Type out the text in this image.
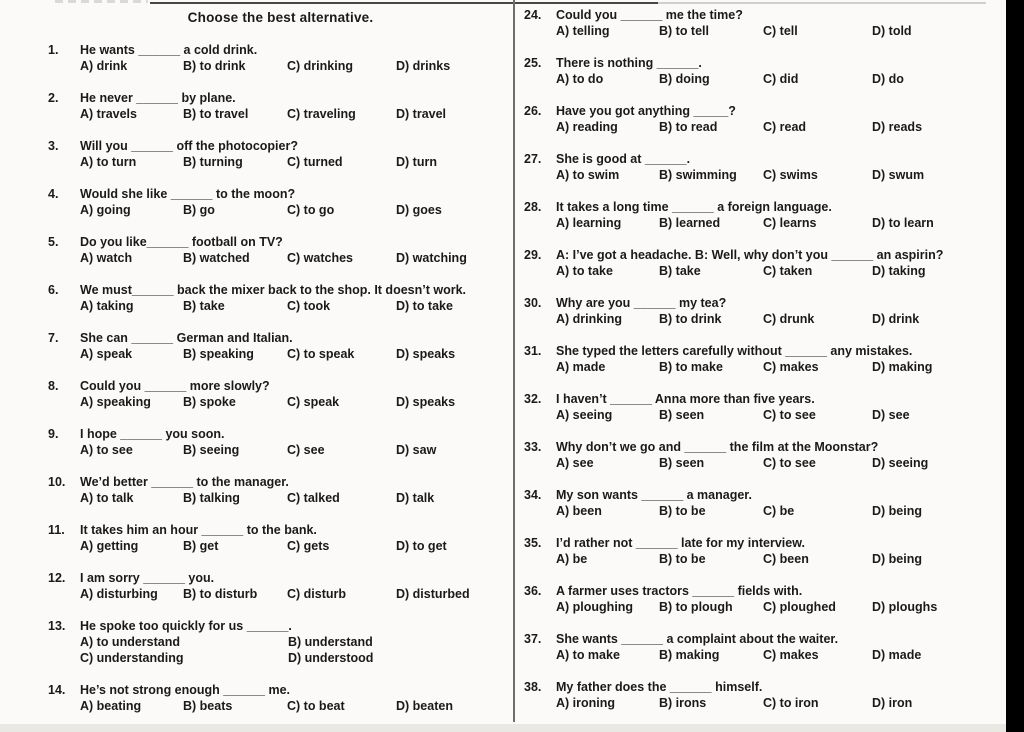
Choose the best alternative.
1.	He wants ______ a cold drink.
A) drink	B) to drink	C) drinking	D) drinks
2.	He never ______ by plane.
A) travels	B) to travel	C) traveling	D) travel
3.	Will you ______ off the photocopier?
A) to turn	B) turning	C) turned	D) turn
4.	Would she like ______ to the moon?
A) going	B) go	C) to go	D) goes
5.	Do you like______ football on TV?
A) watch	B) watched	C) watches	D) watching
6.	We must______ back the mixer back to the shop. It doesn’t work.
A) taking	B) take	C) took	D) to take
7.	She can ______ German and Italian.
A) speak	B) speaking	C) to speak	D) speaks
8.	Could you ______ more slowly?
A) speaking	B) spoke	C) speak	D) speaks
9.	I hope ______ you soon.
A) to see	B) seeing	C) see	D) saw
10.	We’d better ______ to the manager.
A) to talk	B) talking	C) talked	D) talk
11.	It takes him an hour ______ to the bank.
A) getting	B) get	C) gets	D) to get
12.	I am sorry ______ you.
A) disturbing	B) to disturb	C) disturb	D) disturbed
13.	He spoke too quickly for us ______.
A) to understand	B) understand
C) understanding	D) understood
14.	He’s not strong enough ______ me.
A) beating	B) beats	C) to beat	D) beaten
24.	Could you ______ me the time?
A) telling	B) to tell	C) tell	D) told
25.	There is nothing ______.
A) to do	B) doing	C) did	D) do
26.	Have you got anything _____?
A) reading	B) to read	C) read	D) reads
27.	She is good at ______.
A) to swim	B) swimming	C) swims	D) swum
28.	It takes a long time ______ a foreign language.
A) learning	B) learned	C) learns	D) to learn
29.	A: I’ve got a headache. B: Well, why don’t you ______ an aspirin?
A) to take	B) take	C) taken	D) taking
30.	Why are you ______ my tea?
A) drinking	B) to drink	C) drunk	D) drink
31.	She typed the letters carefully without ______ any mistakes.
A) made	B) to make	C) makes	D) making
32.	I haven’t ______ Anna more than five years.
A) seeing	B) seen	C) to see	D) see
33.	Why don’t we go and ______ the film at the Moonstar?
A) see	B) seen	C) to see	D) seeing
34.	My son wants ______ a manager.
A) been	B) to be	C) be	D) being
35.	I’d rather not ______ late for my interview.
A) be	B) to be	C) been	D) being
36.	A farmer uses tractors ______ fields with.
A) ploughing	B) to plough	C) ploughed	D) ploughs
37.	She wants ______ a complaint about the waiter.
A) to make	B) making	C) makes	D) made
38.	My father does the ______ himself.
A) ironing	B) irons	C) to iron	D) iron
